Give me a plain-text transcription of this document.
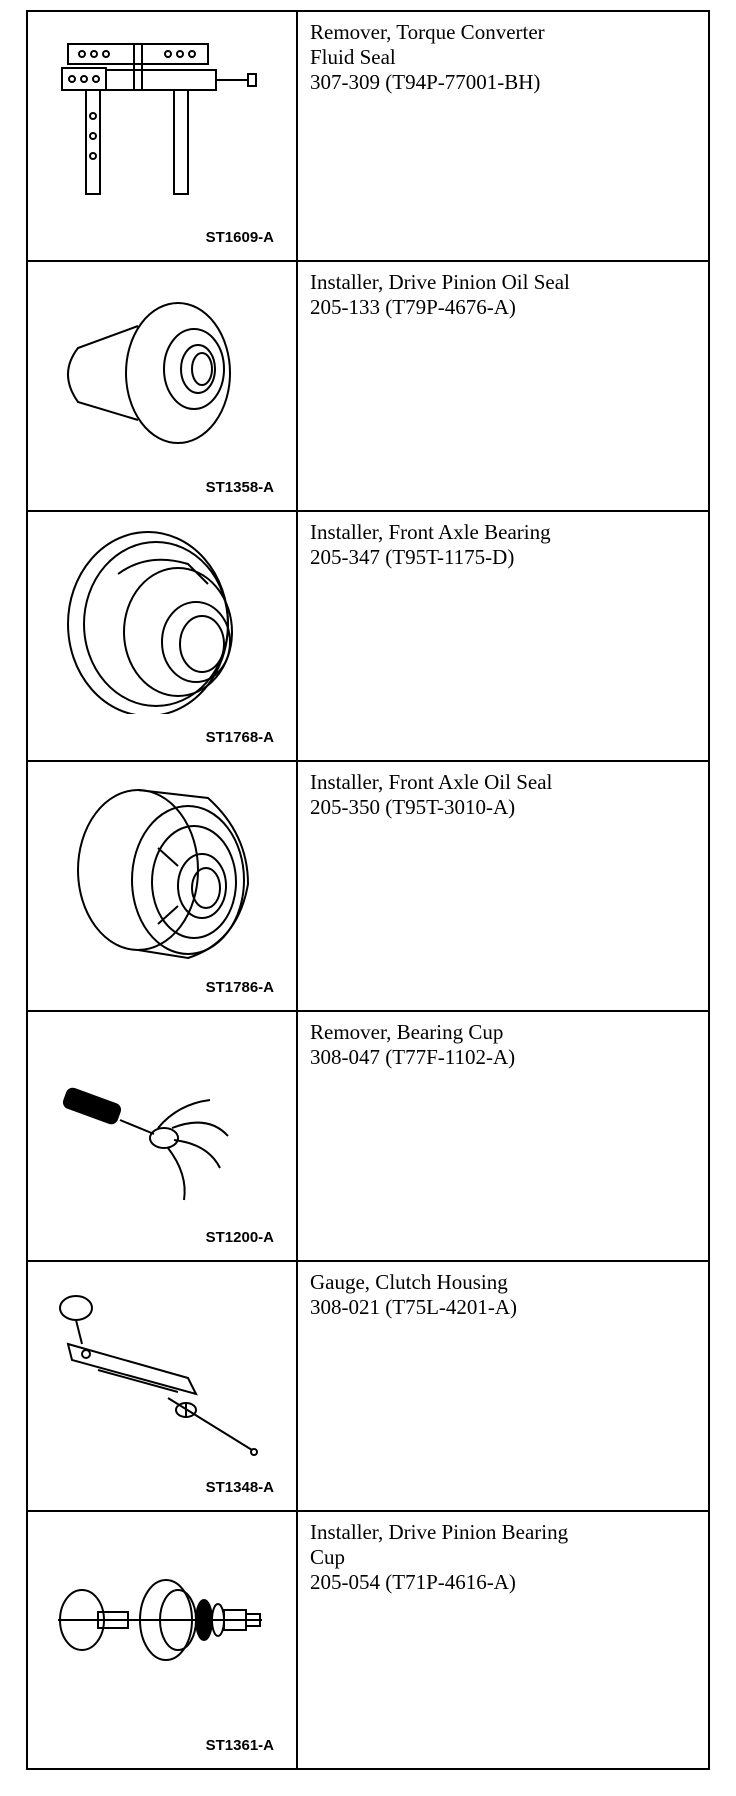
ST1609-A
Remover, Torque Converter
Fluid Seal
307-309 (T94P-77001-BH)
ST1358-A
Installer, Drive Pinion Oil Seal
205-133 (T79P-4676-A)
ST1768-A
Installer, Front Axle Bearing
205-347 (T95T-1175-D)
ST1786-A
Installer, Front Axle Oil Seal
205-350 (T95T-3010-A)
ST1200-A
Remover, Bearing Cup
308-047 (T77F-1102-A)
ST1348-A
Gauge, Clutch Housing
308-021 (T75L-4201-A)
ST1361-A
Installer, Drive Pinion Bearing
Cup
205-054 (T71P-4616-A)
